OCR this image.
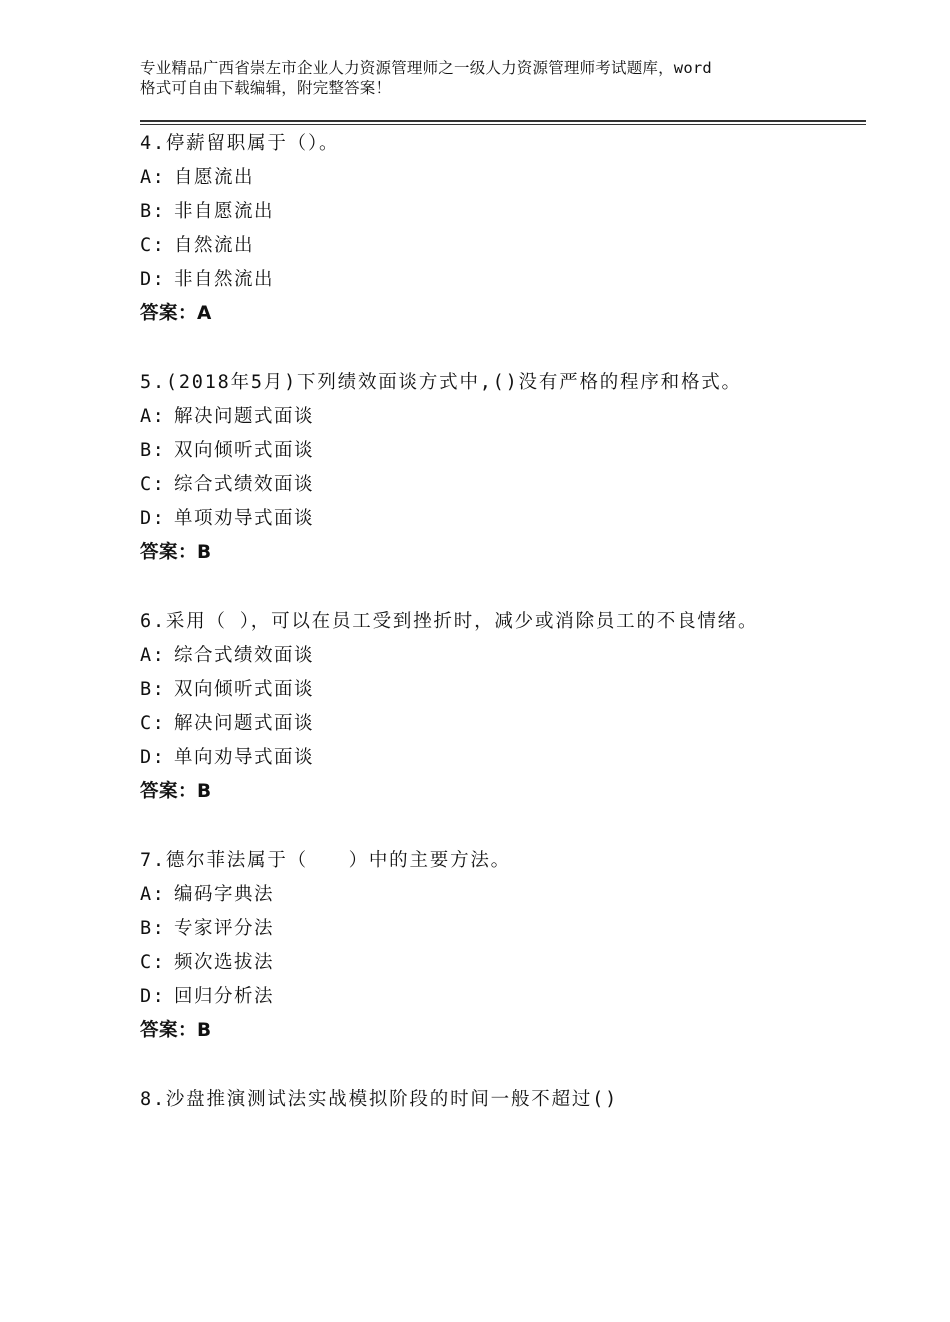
专业精品广西省崇左市企业人力资源管理师之一级人力资源管理师考试题库，word
格式可自由下载编辑，附完整答案！
4.停薪留职属于（）。
A: 自愿流出
B: 非自愿流出
C: 自然流出
D: 非自然流出
答案：A
5.(2018年5月)下列绩效面谈方式中,()没有严格的程序和格式。
A: 解决问题式面谈
B: 双向倾听式面谈
C: 综合式绩效面谈
D: 单项劝导式面谈
答案：B
6.采用（ ），可以在员工受到挫折时，减少或消除员工的不良情绪。
A: 综合式绩效面谈
B: 双向倾听式面谈
C: 解决问题式面谈
D: 单向劝导式面谈
答案：B
7.德尔菲法属于（　　）中的主要方法。
A: 编码字典法
B: 专家评分法
C: 频次选拔法
D: 回归分析法
答案：B
8.沙盘推演测试法实战模拟阶段的时间一般不超过()
